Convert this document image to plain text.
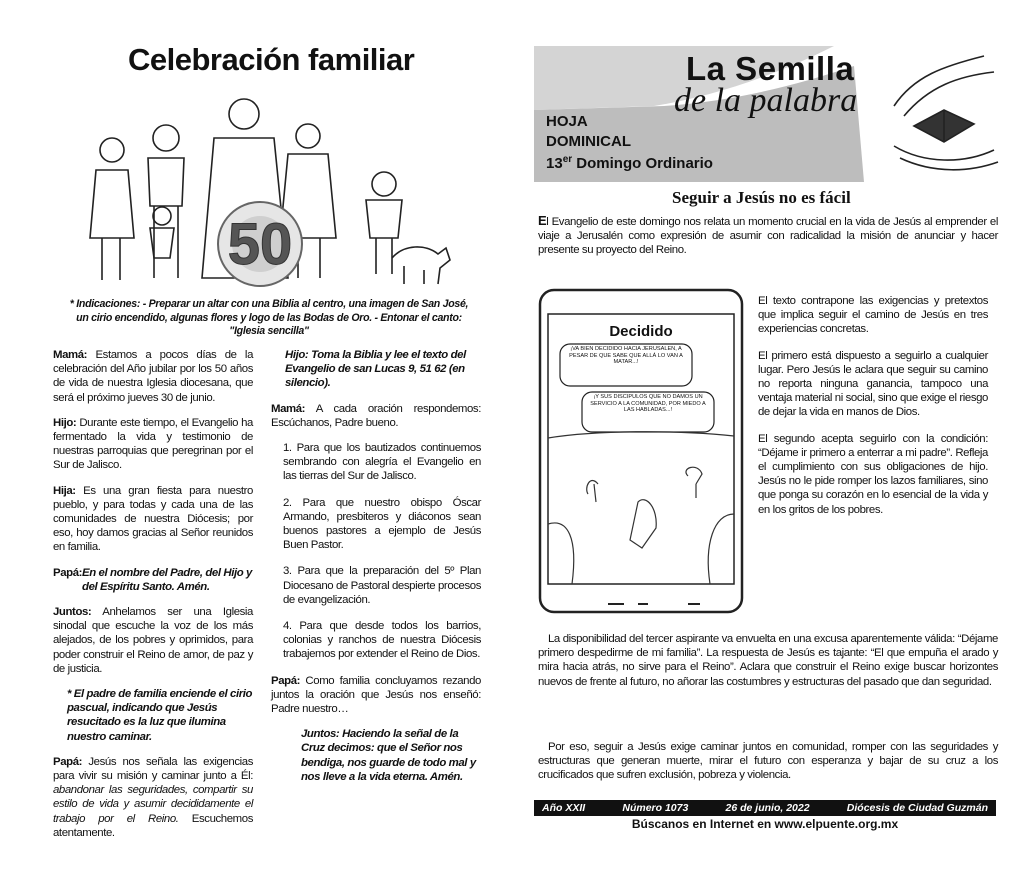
Celebración familiar
50
* Indicaciones: - Preparar un altar con una Biblia al centro, una imagen de San José, un cirio encendido, algunas flores y logo de las Bodas de Oro. - Entonar el canto: "Iglesia sencilla"

Mamá: Estamos a pocos días de la celebración del Año jubilar por los 50 años de vida de nuestra Iglesia diocesana, que será el próximo jueves 30 de junio.

Hijo: Durante este tiempo, el Evangelio ha fermentado la vida y testimonio de nuestras parroquias que peregrinan por el Sur de Jalisco.

Hija: Es una gran fiesta para nuestro pueblo, y para todas y cada una de las comunidades de nuestra Diócesis; por eso, hoy damos gracias al Señor reunidos en familia.

Papá: En el nombre del Padre, del Hijo y del Espíritu Santo. Amén.

Juntos: Anhelamos ser una Iglesia sinodal que escuche la voz de los más alejados, de los pobres y oprimidos, para poder construir el Reino de amor, de paz y de justicia.

* El padre de familia enciende el cirio pascual, indicando que Jesús resucitado es la luz que ilumina nuestro caminar.

Papá: Jesús nos señala las exigencias para vivir su misión y caminar junto a Él: abandonar las seguridades, compartir su estilo de vida y asumir decididamente el trabajo por el Reino. Escuchemos atentamente.

Hijo: Toma la Biblia y lee el texto del Evangelio de san Lucas 9, 51 62 (en silencio).

Mamá: A cada oración respondemos: Escúchanos, Padre bueno.

1. Para que los bautizados continuemos sembrando con alegría el Evangelio en las tierras del Sur de Jalisco.
2. Para que nuestro obispo Óscar Armando, presbiteros y diáconos sean buenos pastores a ejemplo de Jesús Buen Pastor.
3. Para que la preparación del 5º Plan Diocesano de Pastoral despierte procesos de evangelización.
4. Para que desde todos los barrios, colonias y ranchos de nuestra Diócesis trabajemos por extender el Reino de Dios.

Papá: Como familia concluyamos rezando juntos la oración que Jesús nos enseñó: Padre nuestro…

Juntos: Haciendo la señal de la Cruz decimos: que el Señor nos bendiga, nos guarde de todo mal y nos lleve a la vida eterna. Amén.

La Semilla
de la palabra
HOJA
DOMINICAL
13er Domingo Ordinario
Seguir a Jesús no es fácil

El Evangelio de este domingo nos relata un momento crucial en la vida de Jesús al emprender el viaje a Jerusalén como expresión de asumir con radicalidad la misión de anunciar y hacer presente su proyecto del Reino.

Decidido
¡VA BIEN DECIDIDO HACIA JERUSALÉN, A PESAR DE QUE SABE QUE ALLÁ LO VAN A MATAR...!
¡Y SUS DISCÍPULOS QUE NO DAMOS UN SERVICIO A LA COMUNIDAD, POR MIEDO A LAS HABLADAS...!

El texto contrapone las exigencias y pretextos que implica seguir el camino de Jesús en tres experiencias concretas.

El primero está dispuesto a seguirlo a cualquier lugar. Pero Jesús le aclara que seguir su camino no reporta ninguna ganancia, tampoco una ventaja material ni social, sino que exige el riesgo de dejar la vida en manos de Dios.

El segundo acepta seguirlo con la condición: “Déjame ir primero a enterrar a mi padre”. Refleja el cumplimiento con sus obligaciones de hijo. Jesús no le pide romper los lazos familiares, sino que ponga su corazón en lo esencial de la vida y en los gritos de los pobres.

La disponibilidad del tercer aspirante va envuelta en una excusa aparentemente válida: “Déjame primero despedirme de mi familia”. La respuesta de Jesús es tajante: “El que empuña el arado y mira hacia atrás, no sirve para el Reino”. Aclara que construir el Reino exige buscar horizontes nuevos de frente al futuro, no añorar las costumbres y estructuras del pasado que dan seguridad.

Por eso, seguir a Jesús exige caminar juntos en comunidad, romper con las seguridades y estructuras que generan muerte, mirar el futuro con esperanza y bajar de su cruz a los crucificados que sufren exclusión, pobreza y violencia.

Año XXII	Número 1073	26 de junio, 2022	Diócesis de Ciudad Guzmán
Búscanos en Internet en www.elpuente.org.mx
